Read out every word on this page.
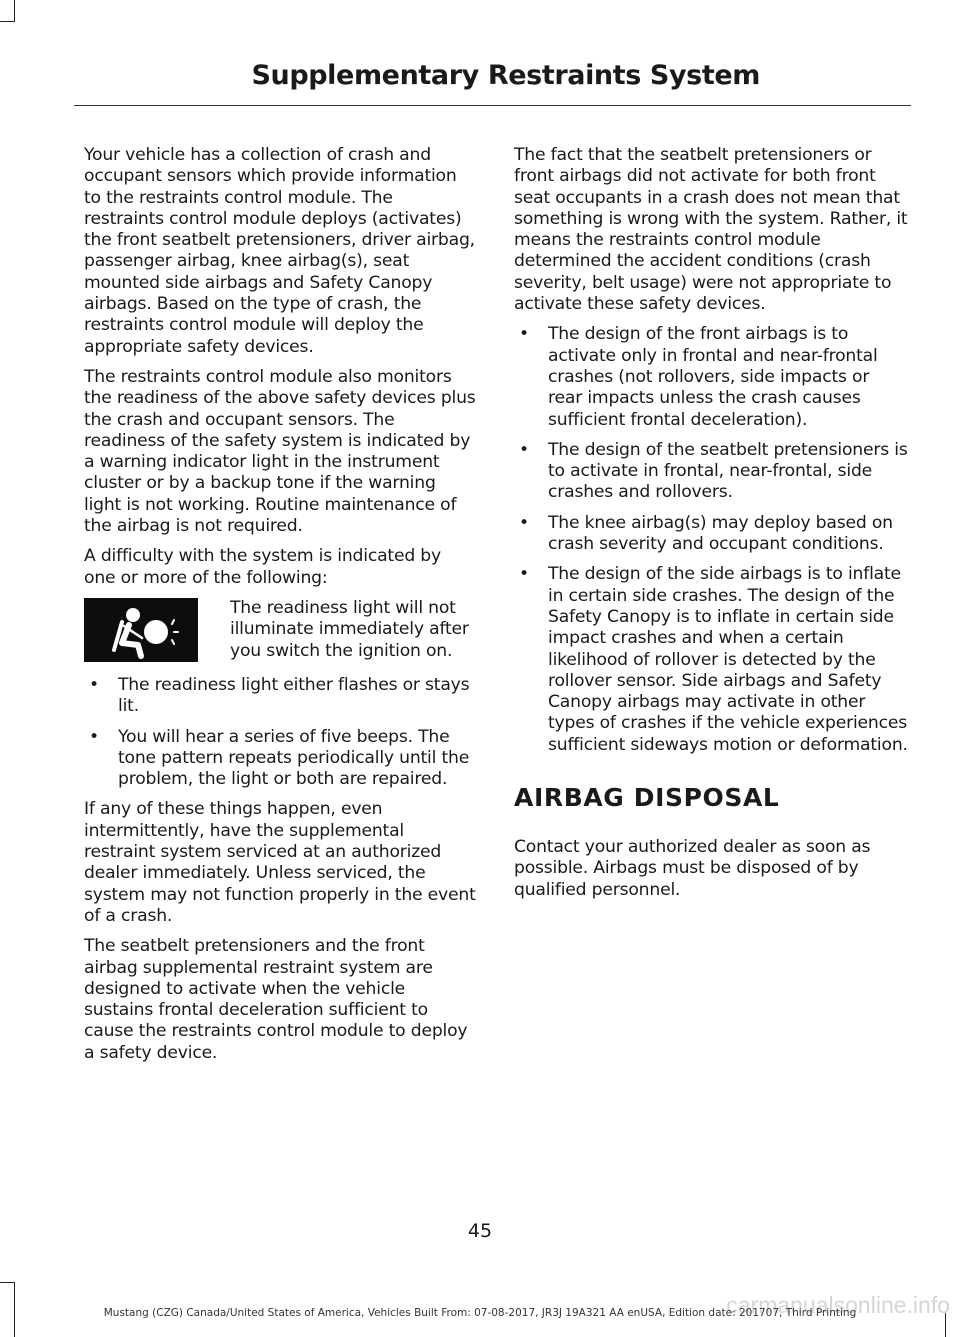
Supplementary Restraints System

Your vehicle has a collection of crash and occupant sensors which provide information to the restraints control module. The restraints control module deploys (activates) the front seatbelt pretensioners, driver airbag, passenger airbag, knee airbag(s), seat mounted side airbags and Safety Canopy airbags. Based on the type of crash, the restraints control module will deploy the appropriate safety devices.

The restraints control module also monitors the readiness of the above safety devices plus the crash and occupant sensors. The readiness of the safety system is indicated by a warning indicator light in the instrument cluster or by a backup tone if the warning light is not working. Routine maintenance of the airbag is not required.

A difficulty with the system is indicated by one or more of the following:

The readiness light will not illuminate immediately after you switch the ignition on.
• The readiness light either flashes or stays lit.
• You will hear a series of five beeps. The tone pattern repeats periodically until the problem, the light or both are repaired.

If any of these things happen, even intermittently, have the supplemental restraint system serviced at an authorized dealer immediately. Unless serviced, the system may not function properly in the event of a crash.

The seatbelt pretensioners and the front airbag supplemental restraint system are designed to activate when the vehicle sustains frontal deceleration sufficient to cause the restraints control module to deploy a safety device.

The fact that the seatbelt pretensioners or front airbags did not activate for both front seat occupants in a crash does not mean that something is wrong with the system. Rather, it means the restraints control module determined the accident conditions (crash severity, belt usage) were not appropriate to activate these safety devices.

• The design of the front airbags is to activate only in frontal and near-frontal crashes (not rollovers, side impacts or rear impacts unless the crash causes sufficient frontal deceleration).
• The design of the seatbelt pretensioners is to activate in frontal, near-frontal, side crashes and rollovers.
• The knee airbag(s) may deploy based on crash severity and occupant conditions.
• The design of the side airbags is to inflate in certain side crashes. The design of the Safety Canopy is to inflate in certain side impact crashes and when a certain likelihood of rollover is detected by the rollover sensor. Side airbags and Safety Canopy airbags may activate in other types of crashes if the vehicle experiences sufficient sideways motion or deformation.
AIRBAG DISPOSAL

Contact your authorized dealer as soon as possible. Airbags must be disposed of by qualified personnel.

45
carmanualsonline.info
Mustang (CZG) Canada/United States of America, Vehicles Built From: 07-08-2017, JR3J 19A321 AA enUSA, Edition date: 201707, Third Printing
